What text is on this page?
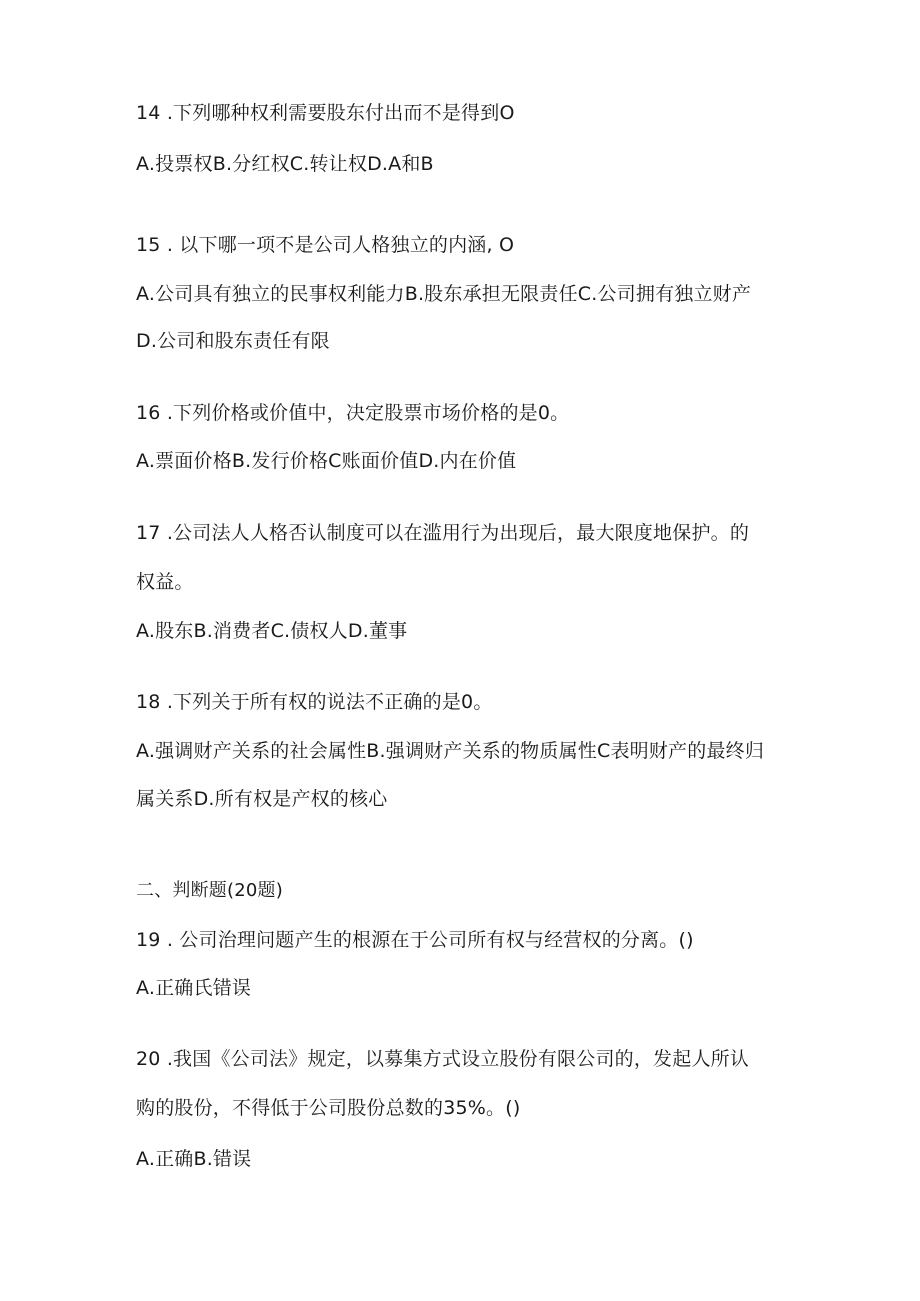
14 .下列哪种权利需要股东付出而不是得到O
A.投票权B.分红权C.转让权D.A和B
15 . 以下哪一项不是公司人格独立的内涵, O
A.公司具有独立的民事权利能力B.股东承担无限责任C.公司拥有独立财产
D.公司和股东责任有限
16 .下列价格或价值中，决定股票市场价格的是0。
A.票面价格B.发行价格C账面价值D.内在价值
17 .公司法人人格否认制度可以在滥用行为出现后，最大限度地保护。的
权益。
A.股东B.消费者C.债权人D.董事
18 .下列关于所有权的说法不正确的是0。
A.强调财产关系的社会属性B.强调财产关系的物质属性C表明财产的最终归
属关系D.所有权是产权的核心
二、判断题(20题)
19 . 公司治理问题产生的根源在于公司所有权与经营权的分离。()
A.正确氏错误
20 .我国《公司法》规定，以募集方式设立股份有限公司的，发起人所认
购的股份，不得低于公司股份总数的35%。()
A.正确B.错误
